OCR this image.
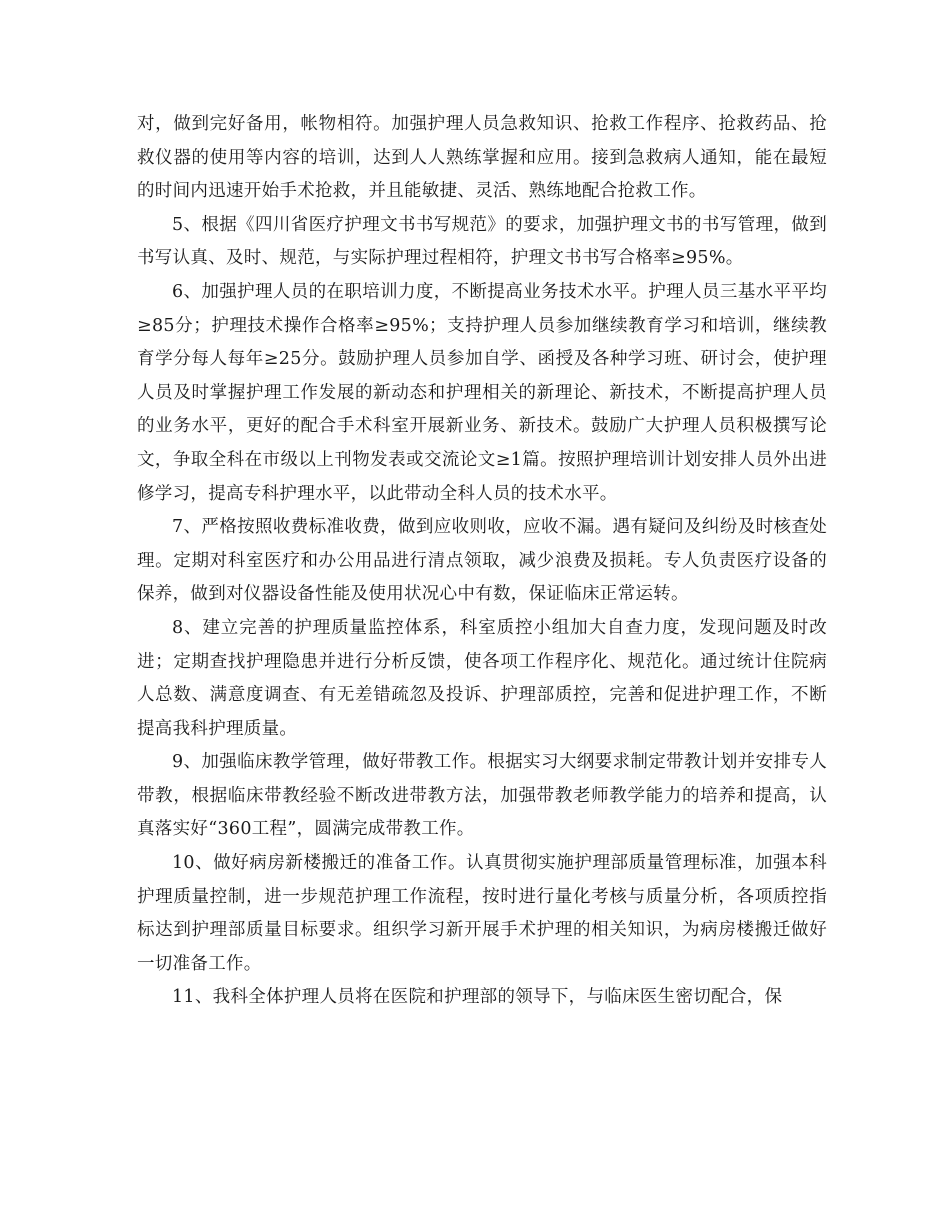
对，做到完好备用，帐物相符。加强护理人员急救知识、抢救工作程序、抢救药品、抢救仪器的使用等内容的培训，达到人人熟练掌握和应用。接到急救病人通知，能在最短的时间内迅速开始手术抢救，并且能敏捷、灵活、熟练地配合抢救工作。

5、根据《四川省医疗护理文书书写规范》的要求，加强护理文书的书写管理，做到书写认真、及时、规范，与实际护理过程相符，护理文书书写合格率≥95%。

6、加强护理人员的在职培训力度，不断提高业务技术水平。护理人员三基水平平均≥85分；护理技术操作合格率≥95%；支持护理人员参加继续教育学习和培训，继续教育学分每人每年≥25分。鼓励护理人员参加自学、函授及各种学习班、研讨会，使护理人员及时掌握护理工作发展的新动态和护理相关的新理论、新技术，不断提高护理人员的业务水平，更好的配合手术科室开展新业务、新技术。鼓励广大护理人员积极撰写论文，争取全科在市级以上刊物发表或交流论文≥1篇。按照护理培训计划安排人员外出进修学习，提高专科护理水平，以此带动全科人员的技术水平。

7、严格按照收费标准收费，做到应收则收，应收不漏。遇有疑问及纠纷及时核查处理。定期对科室医疗和办公用品进行清点领取，减少浪费及损耗。专人负责医疗设备的保养，做到对仪器设备性能及使用状况心中有数，保证临床正常运转。

8、建立完善的护理质量监控体系，科室质控小组加大自查力度，发现问题及时改进；定期查找护理隐患并进行分析反馈，使各项工作程序化、规范化。通过统计住院病人总数、满意度调查、有无差错疏忽及投诉、护理部质控，完善和促进护理工作，不断提高我科护理质量。

9、加强临床教学管理，做好带教工作。根据实习大纲要求制定带教计划并安排专人带教，根据临床带教经验不断改进带教方法，加强带教老师教学能力的培养和提高，认真落实好“360工程”，圆满完成带教工作。

10、做好病房新楼搬迁的准备工作。认真贯彻实施护理部质量管理标准，加强本科护理质量控制，进一步规范护理工作流程，按时进行量化考核与质量分析，各项质控指标达到护理部质量目标要求。组织学习新开展手术护理的相关知识，为病房楼搬迁做好一切准备工作。

11、我科全体护理人员将在医院和护理部的领导下，与临床医生密切配合，保
